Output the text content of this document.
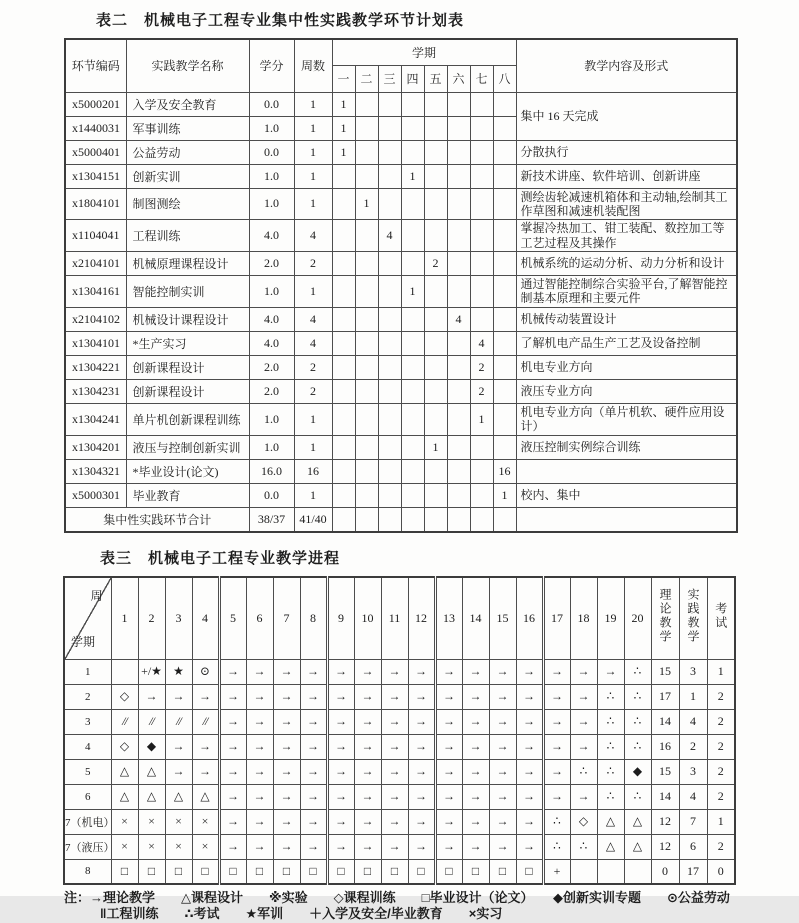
表二　机械电子工程专业集中性实践教学环节计划表
环节编码	实践教学名称	学分	周数	学期								教学内容及形式
				一	二	三	四	五	六	七	八	
x5000201	入学及安全教育	0.0	1	1								集中 16 天完成
x1440031	军事训练	1.0	1	1								
x5000401	公益劳动	0.0	1	1								分散执行
x1304151	创新实训	1.0	1				1					新技术讲座、软件培训、创新讲座
x1804101	制图测绘	1.0	1		1							测绘齿轮减速机箱体和主动轴,绘制其工作草图和减速机装配图
x1104041	工程训练	4.0	4			4						掌握冷热加工、钳工装配、数控加工等工艺过程及其操作
x2104101	机械原理课程设计	2.0	2					2				机械系统的运动分析、动力分析和设计
x1304161	智能控制实训	1.0	1				1					通过智能控制综合实验平台,了解智能控制基本原理和主要元件
x2104102	机械设计课程设计	4.0	4						4			机械传动装置设计
x1304101	*生产实习	4.0	4							4		了解机电产品生产工艺及设备控制
x1304221	创新课程设计	2.0	2							2		机电专业方向
x1304231	创新课程设计	2.0	2							2		液压专业方向
x1304241	单片机创新课程训练	1.0	1							1		机电专业方向（单片机软、硬件应用设计）
x1304201	液压与控制创新实训	1.0	1					1				液压控制实例综合训练
x1304321	*毕业设计(论文)	16.0	16								16	
x5000301	毕业教育	0.0	1								1	校内、集中
集中性实践环节合计		38/37	41/40									
表三　机械电子工程专业教学进程
周
学期	1	2	3	4	5	6	7	8	9	10	11	12	13	14	15	16	17	18	19	20	理论教学	实践教学	考试
1		+/★	★	⊙	→	→	→	→	→	→	→	→	→	→	→	→	→	→	→	∴	15	3	1
2	◇	→	→	→	→	→	→	→	→	→	→	→	→	→	→	→	→	→	∴	∴	17	1	2
3	//	//	//	//	→	→	→	→	→	→	→	→	→	→	→	→	→	→	∴	∴	14	4	2
4	◇	◆	→	→	→	→	→	→	→	→	→	→	→	→	→	→	→	→	∴	∴	16	2	2
5	△	△	→	→	→	→	→	→	→	→	→	→	→	→	→	→	→	∴	∴	◆	15	3	2
6	△	△	△	△	→	→	→	→	→	→	→	→	→	→	→	→	→	→	∴	∴	14	4	2
7（机电）	×	×	×	×	→	→	→	→	→	→	→	→	→	→	→	→	∴	◇	△	△	12	7	1
7（液压）	×	×	×	×	→	→	→	→	→	→	→	→	→	→	→	→	∴	∴	△	△	12	6	2
8	□	□	□	□	□	□	□	□	□	□	□	□	□	□	□	□	+				0	17	0
注：→理论教学　　△课程设计　　※实验　　◇课程训练　　□毕业设计（论文）　　◆创新实训专题　　⊙公益劳动
‖工程训练　　∴考试　　★军训　　＋入学及安全/毕业教育　　×实习
